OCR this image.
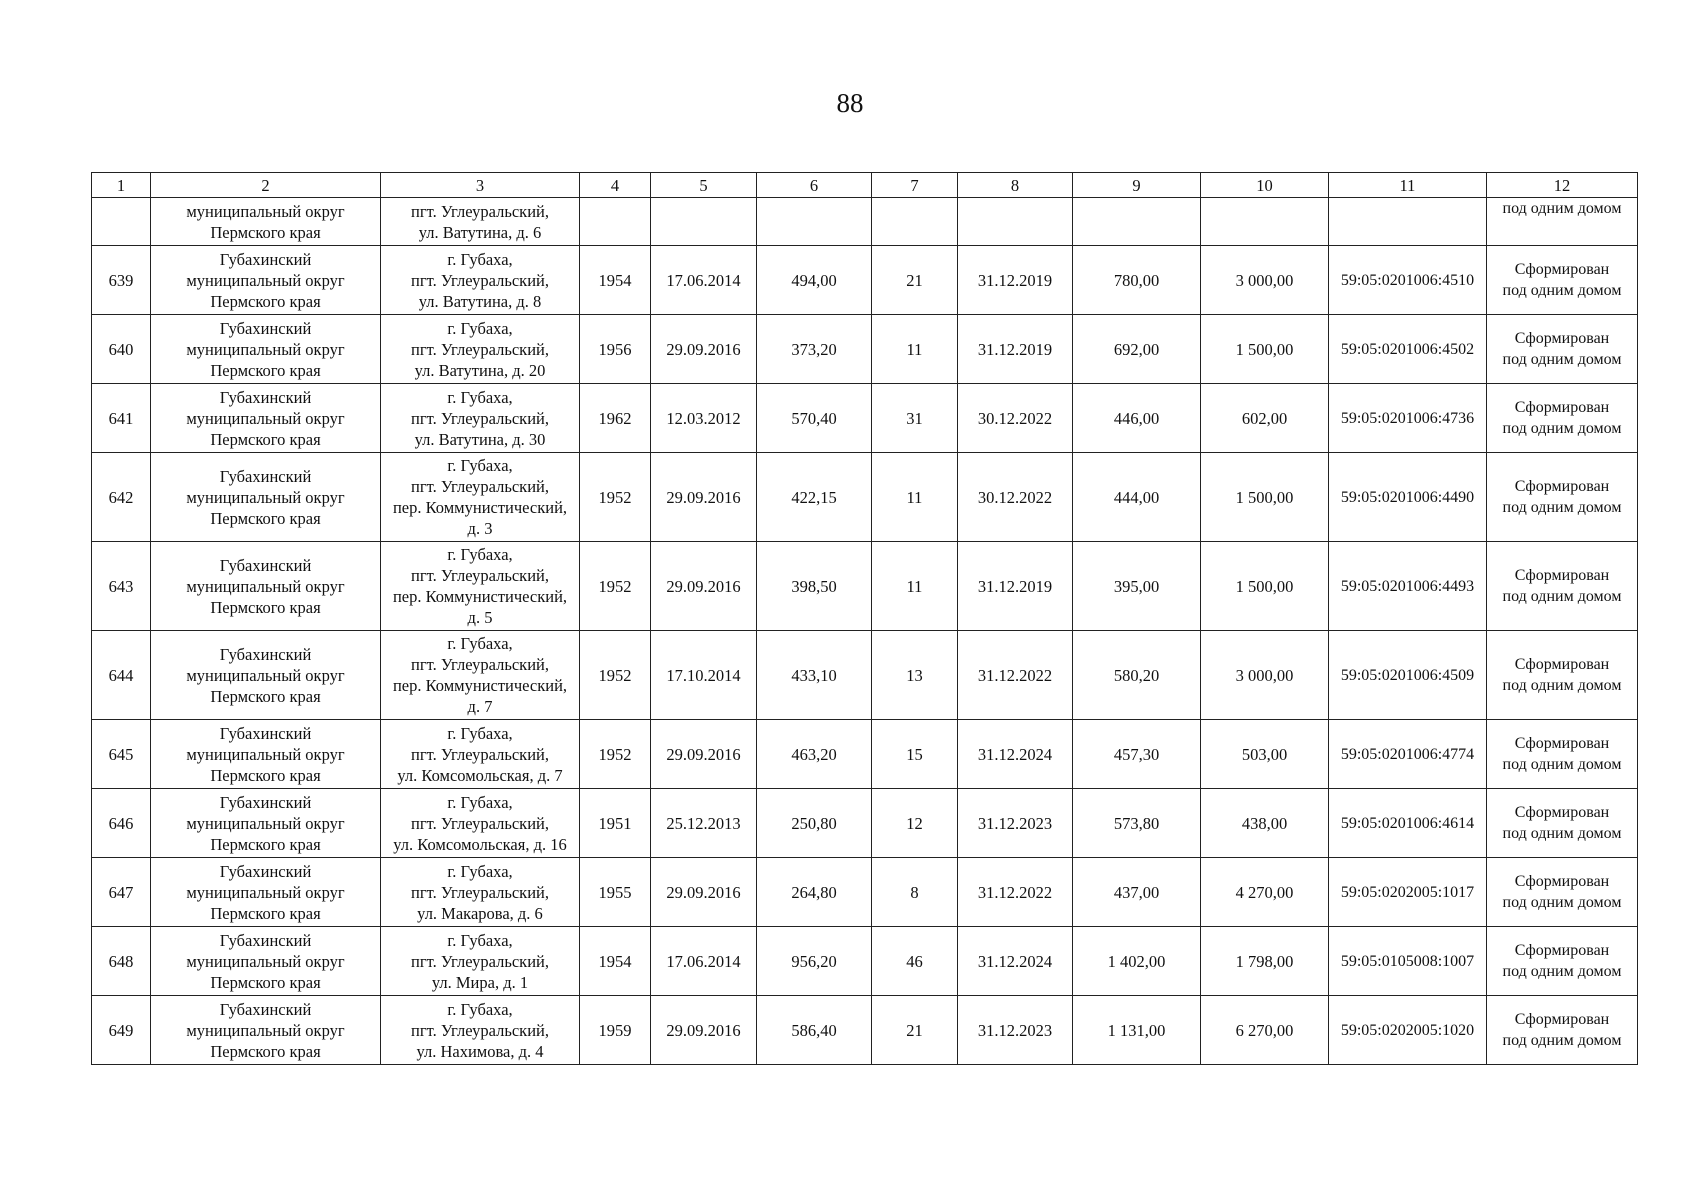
88
1	2	3	4	5	6	7	8	9	10	11	12

	муниципальный округ
Пермского края	пгт. Углеуральский,
ул. Ватутина, д. 6									под одним домом

639	Губахинский
муниципальный округ
Пермского края	г. Губаха,
пгт. Углеуральский,
ул. Ватутина, д. 8	1954	17.06.2014	494,00	21	31.12.2019	780,00	3 000,00	59:05:0201006:4510	Сформирован
под одним домом

640	Губахинский
муниципальный округ
Пермского края	г. Губаха,
пгт. Углеуральский,
ул. Ватутина, д. 20	1956	29.09.2016	373,20	11	31.12.2019	692,00	1 500,00	59:05:0201006:4502	Сформирован
под одним домом

641	Губахинский
муниципальный округ
Пермского края	г. Губаха,
пгт. Углеуральский,
ул. Ватутина, д. 30	1962	12.03.2012	570,40	31	30.12.2022	446,00	602,00	59:05:0201006:4736	Сформирован
под одним домом

642	Губахинский
муниципальный округ
Пермского края	г. Губаха,
пгт. Углеуральский,
пер. Коммунистический,
д. 3	1952	29.09.2016	422,15	11	30.12.2022	444,00	1 500,00	59:05:0201006:4490	Сформирован
под одним домом

643	Губахинский
муниципальный округ
Пермского края	г. Губаха,
пгт. Углеуральский,
пер. Коммунистический,
д. 5	1952	29.09.2016	398,50	11	31.12.2019	395,00	1 500,00	59:05:0201006:4493	Сформирован
под одним домом

644	Губахинский
муниципальный округ
Пермского края	г. Губаха,
пгт. Углеуральский,
пер. Коммунистический,
д. 7	1952	17.10.2014	433,10	13	31.12.2022	580,20	3 000,00	59:05:0201006:4509	Сформирован
под одним домом

645	Губахинский
муниципальный округ
Пермского края	г. Губаха,
пгт. Углеуральский,
ул. Комсомольская, д. 7	1952	29.09.2016	463,20	15	31.12.2024	457,30	503,00	59:05:0201006:4774	Сформирован
под одним домом

646	Губахинский
муниципальный округ
Пермского края	г. Губаха,
пгт. Углеуральский,
ул. Комсомольская, д. 16	1951	25.12.2013	250,80	12	31.12.2023	573,80	438,00	59:05:0201006:4614	Сформирован
под одним домом

647	Губахинский
муниципальный округ
Пермского края	г. Губаха,
пгт. Углеуральский,
ул. Макарова, д. 6	1955	29.09.2016	264,80	8	31.12.2022	437,00	4 270,00	59:05:0202005:1017	Сформирован
под одним домом

648	Губахинский
муниципальный округ
Пермского края	г. Губаха,
пгт. Углеуральский,
ул. Мира, д. 1	1954	17.06.2014	956,20	46	31.12.2024	1 402,00	1 798,00	59:05:0105008:1007	Сформирован
под одним домом

649	Губахинский
муниципальный округ
Пермского края	г. Губаха,
пгт. Углеуральский,
ул. Нахимова, д. 4	1959	29.09.2016	586,40	21	31.12.2023	1 131,00	6 270,00	59:05:0202005:1020	Сформирован
под одним домом
